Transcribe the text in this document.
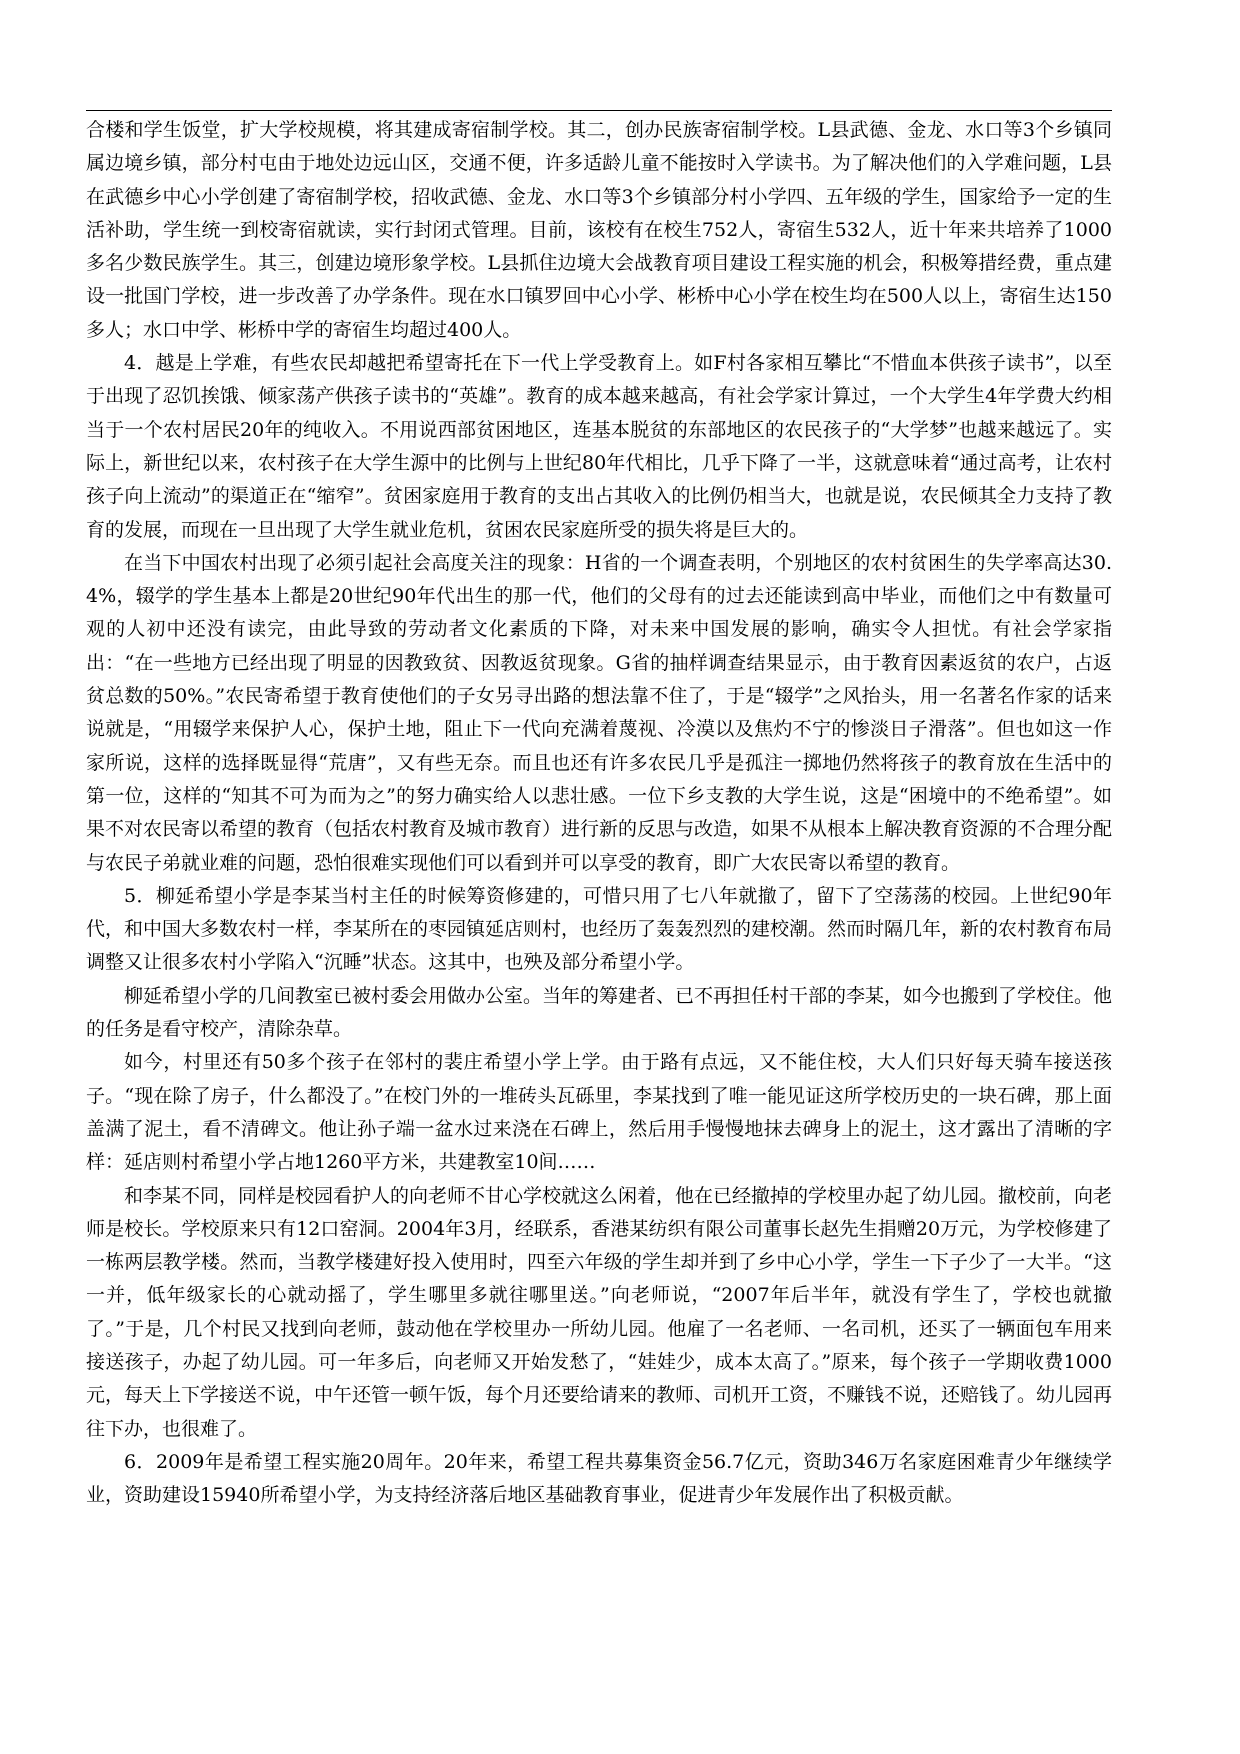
合楼和学生饭堂，扩大学校规模，将其建成寄宿制学校。其二，创办民族寄宿制学校。L县武德、金龙、水口等3个乡镇同属边境乡镇，部分村屯由于地处边远山区，交通不便，许多适龄儿童不能按时入学读书。为了解决他们的入学难问题，L县在武德乡中心小学创建了寄宿制学校，招收武德、金龙、水口等3个乡镇部分村小学四、五年级的学生，国家给予一定的生活补助，学生统一到校寄宿就读，实行封闭式管理。目前，该校有在校生752人，寄宿生532人，近十年来共培养了1000多名少数民族学生。其三，创建边境形象学校。L县抓住边境大会战教育项目建设工程实施的机会，积极筹措经费，重点建设一批国门学校，进一步改善了办学条件。现在水口镇罗回中心小学、彬桥中心小学在校生均在500人以上，寄宿生达150多人；水口中学、彬桥中学的寄宿生均超过400人。

4．越是上学难，有些农民却越把希望寄托在下一代上学受教育上。如F村各家相互攀比“不惜血本供孩子读书”，以至于出现了忍饥挨饿、倾家荡产供孩子读书的“英雄”。教育的成本越来越高，有社会学家计算过，一个大学生4年学费大约相当于一个农村居民20年的纯收入。不用说西部贫困地区，连基本脱贫的东部地区的农民孩子的“大学梦”也越来越远了。实际上，新世纪以来，农村孩子在大学生源中的比例与上世纪80年代相比，几乎下降了一半，这就意味着“通过高考，让农村孩子向上流动”的渠道正在“缩窄”。贫困家庭用于教育的支出占其收入的比例仍相当大，也就是说，农民倾其全力支持了教育的发展，而现在一旦出现了大学生就业危机，贫困农民家庭所受的损失将是巨大的。

在当下中国农村出现了必须引起社会高度关注的现象：H省的一个调查表明，个别地区的农村贫困生的失学率高达30.4%，辍学的学生基本上都是20世纪90年代出生的那一代，他们的父母有的过去还能读到高中毕业，而他们之中有数量可观的人初中还没有读完，由此导致的劳动者文化素质的下降，对未来中国发展的影响，确实令人担忧。有社会学家指出：“在一些地方已经出现了明显的因教致贫、因教返贫现象。G省的抽样调查结果显示，由于教育因素返贫的农户，占返贫总数的50%。”农民寄希望于教育使他们的子女另寻出路的想法靠不住了，于是“辍学”之风抬头，用一名著名作家的话来说就是，“用辍学来保护人心，保护土地，阻止下一代向充满着蔑视、冷漠以及焦灼不宁的惨淡日子滑落”。但也如这一作家所说，这样的选择既显得“荒唐”，又有些无奈。而且也还有许多农民几乎是孤注一掷地仍然将孩子的教育放在生活中的第一位，这样的“知其不可为而为之”的努力确实给人以悲壮感。一位下乡支教的大学生说，这是“困境中的不绝希望”。如果不对农民寄以希望的教育（包括农村教育及城市教育）进行新的反思与改造，如果不从根本上解决教育资源的不合理分配与农民子弟就业难的问题，恐怕很难实现他们可以看到并可以享受的教育，即广大农民寄以希望的教育。

5．柳延希望小学是李某当村主任的时候筹资修建的，可惜只用了七八年就撤了，留下了空荡荡的校园。上世纪90年代，和中国大多数农村一样，李某所在的枣园镇延店则村，也经历了轰轰烈烈的建校潮。然而时隔几年，新的农村教育布局调整又让很多农村小学陷入“沉睡”状态。这其中，也殃及部分希望小学。

柳延希望小学的几间教室已被村委会用做办公室。当年的筹建者、已不再担任村干部的李某，如今也搬到了学校住。他的任务是看守校产，清除杂草。

如今，村里还有50多个孩子在邻村的裴庄希望小学上学。由于路有点远，又不能住校，大人们只好每天骑车接送孩子。“现在除了房子，什么都没了。”在校门外的一堆砖头瓦砾里，李某找到了唯一能见证这所学校历史的一块石碑，那上面盖满了泥土，看不清碑文。他让孙子端一盆水过来浇在石碑上，然后用手慢慢地抹去碑身上的泥土，这才露出了清晰的字样：延店则村希望小学占地1260平方米，共建教室10间……

和李某不同，同样是校园看护人的向老师不甘心学校就这么闲着，他在已经撤掉的学校里办起了幼儿园。撤校前，向老师是校长。学校原来只有12口窑洞。2004年3月，经联系，香港某纺织有限公司董事长赵先生捐赠20万元，为学校修建了一栋两层教学楼。然而，当教学楼建好投入使用时，四至六年级的学生却并到了乡中心小学，学生一下子少了一大半。“这一并，低年级家长的心就动摇了，学生哪里多就往哪里送。”向老师说，“2007年后半年，就没有学生了，学校也就撤了。”于是，几个村民又找到向老师，鼓动他在学校里办一所幼儿园。他雇了一名老师、一名司机，还买了一辆面包车用来接送孩子，办起了幼儿园。可一年多后，向老师又开始发愁了，“娃娃少，成本太高了。”原来，每个孩子一学期收费1000元，每天上下学接送不说，中午还管一顿午饭，每个月还要给请来的教师、司机开工资，不赚钱不说，还赔钱了。幼儿园再往下办，也很难了。

6．2009年是希望工程实施20周年。20年来，希望工程共募集资金56.7亿元，资助346万名家庭困难青少年继续学业，资助建设15940所希望小学，为支持经济落后地区基础教育事业，促进青少年发展作出了积极贡献。
